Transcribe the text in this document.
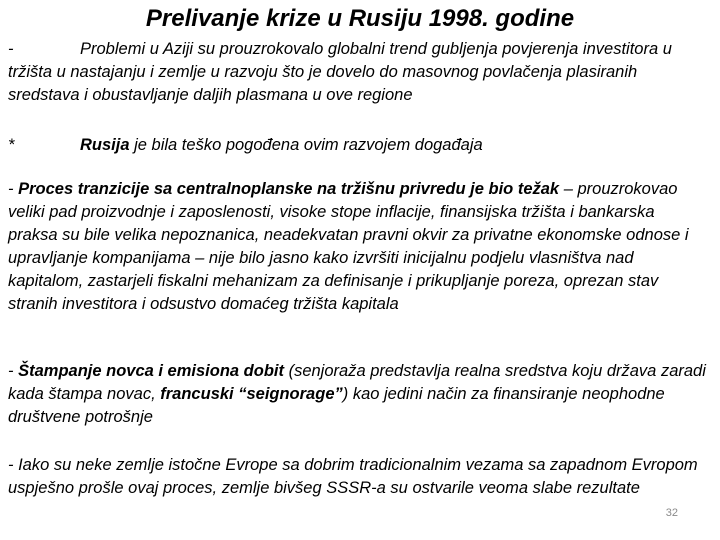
Prelivanje krize u Rusiju 1998. godine
-	Problemi u Aziji su prouzrokovalo globalni trend gubljenja povjerenja investitora u tržišta u nastajanju i zemlje u razvoju što je dovelo do masovnog povlačenja plasiranih sredstava i obustavljanje daljih plasmana u ove regione
*	Rusija je bila teško pogođena ovim razvojem događaja
- Proces tranzicije sa centralnoplanske na tržišnu privredu je bio težak – prouzrokovao veliki pad proizvodnje i zaposlenosti, visoke stope inflacije, finansijska tržišta i bankarska praksa su bile velika nepoznanica, neadekvatan pravni okvir za privatne ekonomske odnose i upravljanje kompanijama – nije bilo jasno kako izvršiti inicijalnu podjelu vlasništva nad kapitalom, zastarjeli fiskalni mehanizam za definisanje i prikupljanje poreza, oprezan stav stranih investitora i odsustvo domaćeg tržišta kapitala
- Štampanje novca i emisiona dobit (senjoraža predstavlja realna sredstva koju država zaradi kada štampa novac, francuski “seignorage”) kao jedini način za finansiranje neophodne društvene potrošnje
- Iako su neke zemlje istočne Evrope sa dobrim tradicionalnim vezama sa zapadnom Evropom uspješno prošle ovaj proces, zemlje bivšeg SSSR-a su ostvarile veoma slabe rezultate
32
